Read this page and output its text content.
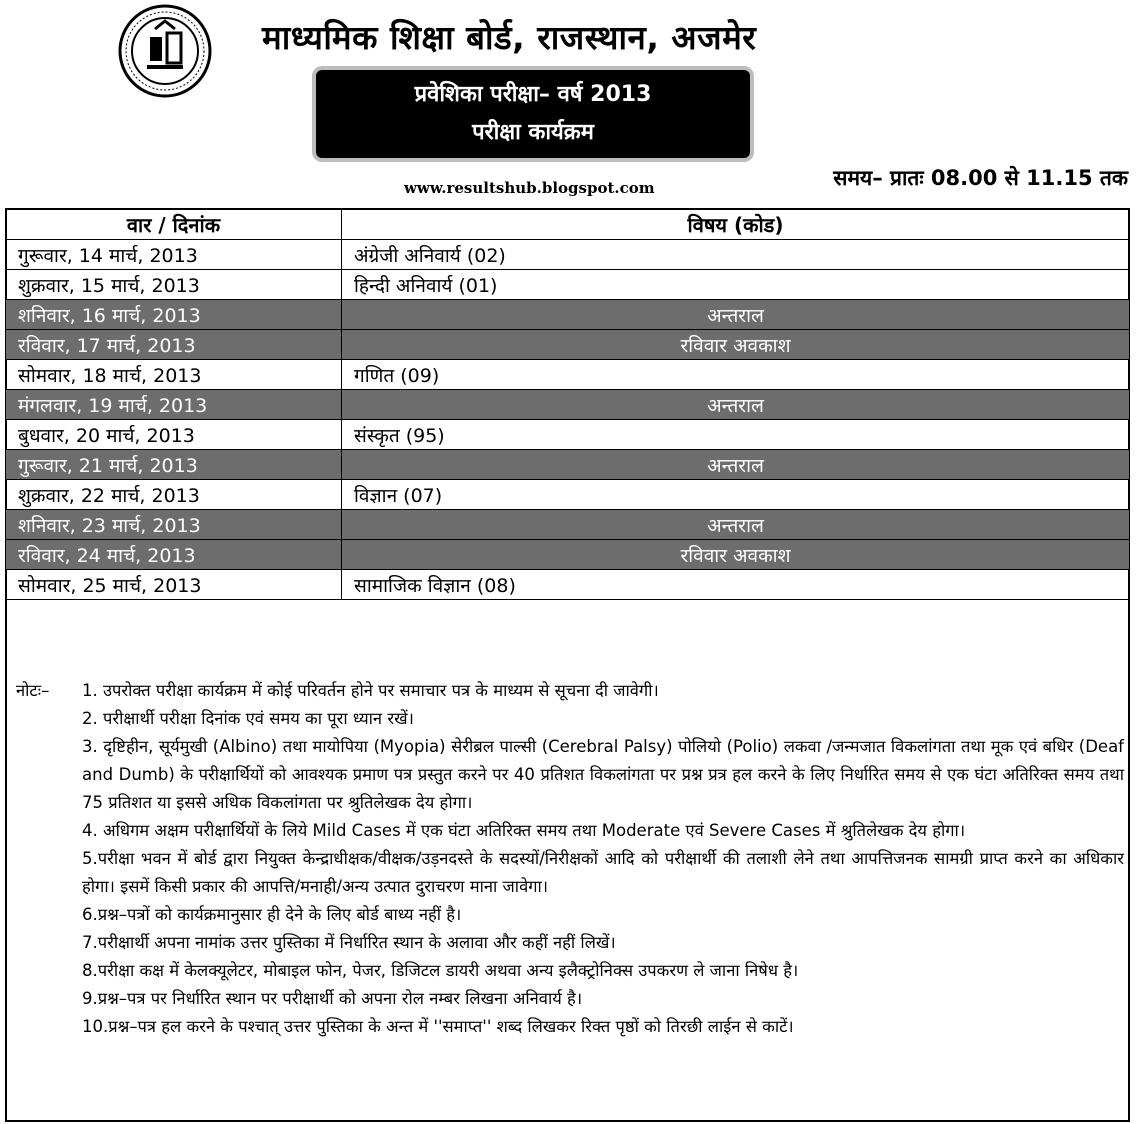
माध्यमिक शिक्षा बोर्ड, राजस्थान, अजमेर
प्रवेशिका परीक्षा– वर्ष 2013
परीक्षा कार्यक्रम
www.resultshub.blogspot.com	समय– प्रातः 08.00 से 11.15 तक
वार / दिनांक	विषय (कोड)
गुरूवार, 14 मार्च, 2013	अंग्रेजी अनिवार्य (02)
शुक्रवार, 15 मार्च, 2013	हिन्दी अनिवार्य (01)
शनिवार, 16 मार्च, 2013	अन्तराल
रविवार, 17 मार्च, 2013	रविवार अवकाश
सोमवार, 18 मार्च, 2013	गणित (09)
मंगलवार, 19 मार्च, 2013	अन्तराल
बुधवार, 20 मार्च, 2013	संस्कृत (95)
गुरूवार, 21 मार्च, 2013	अन्तराल
शुक्रवार, 22 मार्च, 2013	विज्ञान (07)
शनिवार, 23 मार्च, 2013	अन्तराल
रविवार, 24 मार्च, 2013	रविवार अवकाश
सोमवार, 25 मार्च, 2013	सामाजिक विज्ञान (08)
नोटः–	1. उपरोक्त परीक्षा कार्यक्रम में कोई परिवर्तन होने पर समाचार पत्र के माध्यम से सूचना दी जावेगी।
2. परीक्षार्थी परीक्षा दिनांक एवं समय का पूरा ध्यान रखें।
3. दृष्टिहीन, सूर्यमुखी (Albino) तथा मायोपिया (Myopia) सेरीब्रल पाल्सी (Cerebral Palsy) पोलियो (Polio) लकवा /जन्मजात विकलांगता तथा मूक एवं बधिर (Deaf and Dumb) के परीक्षार्थियों को आवश्यक प्रमाण पत्र प्रस्तुत करने पर 40 प्रतिशत विकलांगता पर प्रश्न प्रत्र हल करने के लिए निर्धारित समय से एक घंटा अतिरिक्त समय तथा 75 प्रतिशत या इससे अधिक विकलांगता पर श्रुतिलेखक देय होगा।
4. अधिगम अक्षम परीक्षार्थियों के लिये Mild Cases में एक घंटा अतिरिक्त समय तथा Moderate एवं Severe Cases में श्रुतिलेखक देय होगा।
5.परीक्षा भवन में बोर्ड द्वारा नियुक्त केन्द्राधीक्षक/वीक्षक/उड़नदस्ते के सदस्यों/निरीक्षकों आदि को परीक्षार्थी की तलाशी लेने तथा आपत्तिजनक सामग्री प्राप्त करने का अधिकार होगा। इसमें किसी प्रकार की आपत्ति/मनाही/अन्य उत्पात दुराचरण माना जावेगा।
6.प्रश्न–पत्रों को कार्यक्रमानुसार ही देने के लिए बोर्ड बाध्य नहीं है।
7.परीक्षार्थी अपना नामांक उत्तर पुस्तिका में निर्धारित स्थान के अलावा और कहीं नहीं लिखें।
8.परीक्षा कक्ष में केलक्यूलेटर, मोबाइल फोन, पेजर, डिजिटल डायरी अथवा अन्य इलैक्ट्रोनिक्स उपकरण ले जाना निषेध है।
9.प्रश्न–पत्र पर निर्धारित स्थान पर परीक्षार्थी को अपना रोल नम्बर लिखना अनिवार्य है।
10.प्रश्न–पत्र हल करने के पश्चात् उत्तर पुस्तिका के अन्त में ''समाप्त'' शब्द लिखकर रिक्त पृष्ठों को तिरछी लाईन से काटें।
